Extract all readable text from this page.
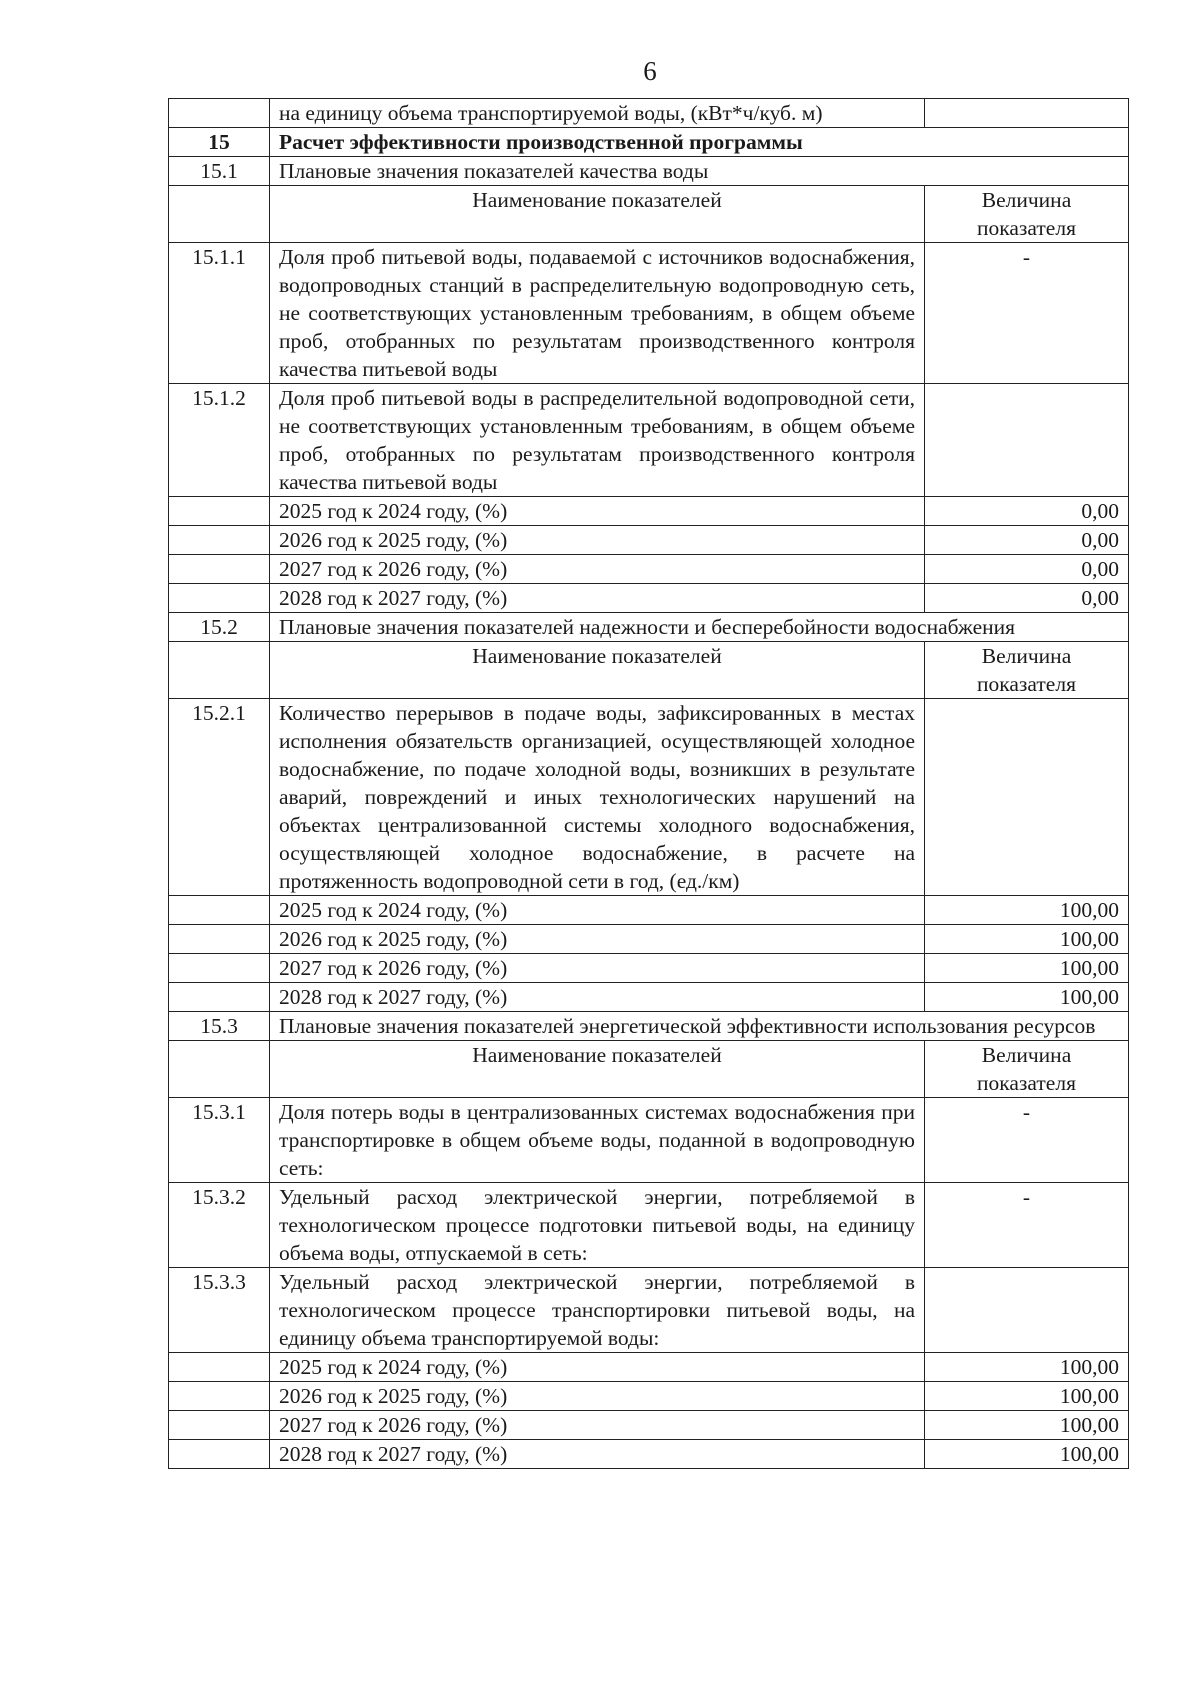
6
	на единицу объема транспортируемой воды, (кВт*ч/куб. м)	
15	Расчет эффективности производственной программы	
15.1	Плановые значения показателей качества воды	
	Наименование показателей	Величина показателя
15.1.1	Доля проб питьевой воды, подаваемой с источников водоснабжения, водопроводных станций в распределительную водопроводную сеть, не соответствующих установленным требованиям, в общем объеме проб, отобранных по результатам производственного контроля качества питьевой воды	-
15.1.2	Доля проб питьевой воды в распределительной водопроводной сети, не соответствующих установленным требованиям, в общем объеме проб, отобранных по результатам производственного контроля качества питьевой воды	
	2025 год к 2024 году, (%)	0,00
	2026 год к 2025 году, (%)	0,00
	2027 год к 2026 году, (%)	0,00
	2028 год к 2027 году, (%)	0,00
15.2	Плановые значения показателей надежности и бесперебойности водоснабжения	
	Наименование показателей	Величина показателя
15.2.1	Количество перерывов в подаче воды, зафиксированных в местах исполнения обязательств организацией, осуществляющей холодное водоснабжение, по подаче холодной воды, возникших в результате аварий, повреждений и иных технологических нарушений на объектах централизованной системы холодного водоснабжения, осуществляющей холодное водоснабжение, в расчете на протяженность водопроводной сети в год, (ед./км)	
	2025 год к 2024 году, (%)	100,00
	2026 год к 2025 году, (%)	100,00
	2027 год к 2026 году, (%)	100,00
	2028 год к 2027 году, (%)	100,00
15.3	Плановые значения показателей энергетической эффективности использования ресурсов	
	Наименование показателей	Величина показателя
15.3.1	Доля потерь воды в централизованных системах водоснабжения при транспортировке в общем объеме воды, поданной в водопроводную сеть:	-
15.3.2	Удельный расход электрической энергии, потребляемой в технологическом процессе подготовки питьевой воды, на единицу объема воды, отпускаемой в сеть:	-
15.3.3	Удельный расход электрической энергии, потребляемой в технологическом процессе транспортировки питьевой воды, на единицу объема транспортируемой воды:	
	2025 год к 2024 году, (%)	100,00
	2026 год к 2025 году, (%)	100,00
	2027 год к 2026 году, (%)	100,00
	2028 год к 2027 году, (%)	100,00
